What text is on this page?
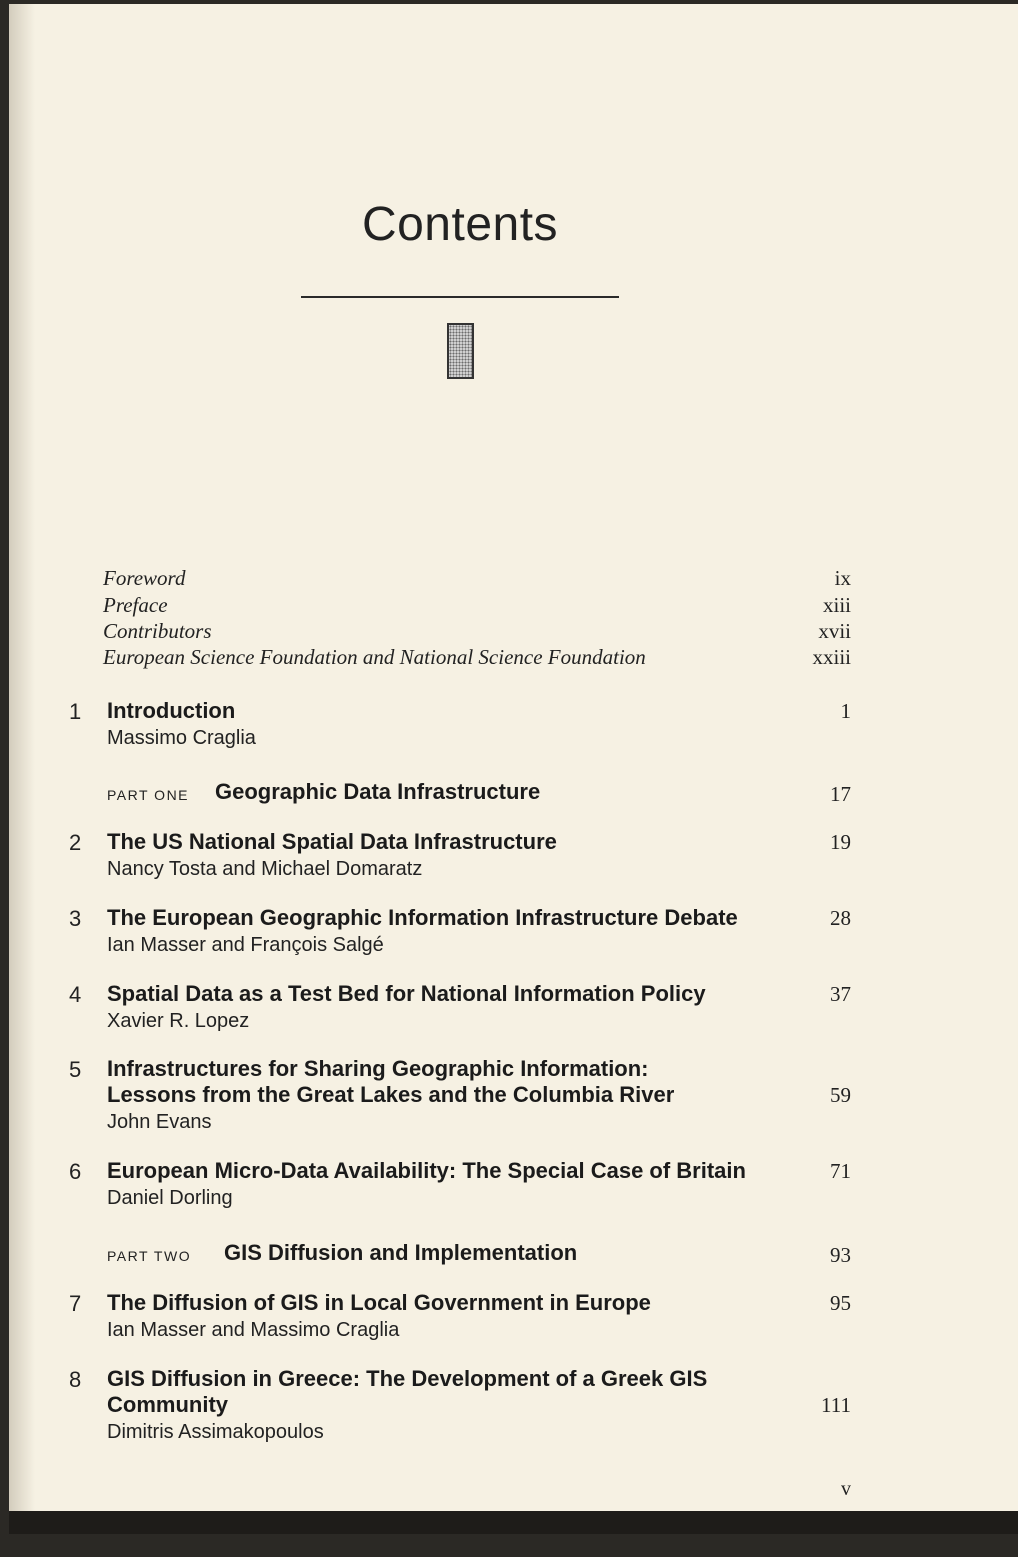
Contents
Foreword	ix
Preface	xiii
Contributors	xvii
European Science Foundation and National Science Foundation	xxiii
1	Introduction	1
Massimo Craglia
PART ONE Geographic Data Infrastructure	17
2	The US National Spatial Data Infrastructure	19
Nancy Tosta and Michael Domaratz
3	The European Geographic Information Infrastructure Debate	28
Ian Masser and François Salgé
4	Spatial Data as a Test Bed for National Information Policy	37
Xavier R. Lopez
5	Infrastructures for Sharing Geographic Information:
Lessons from the Great Lakes and the Columbia River	59
John Evans
6	European Micro-Data Availability: The Special Case of Britain	71
Daniel Dorling
PART TWO GIS Diffusion and Implementation	93
7	The Diffusion of GIS in Local Government in Europe	95
Ian Masser and Massimo Craglia
8	GIS Diffusion in Greece: The Development of a Greek GIS
Community	111
Dimitris Assimakopoulos
v
